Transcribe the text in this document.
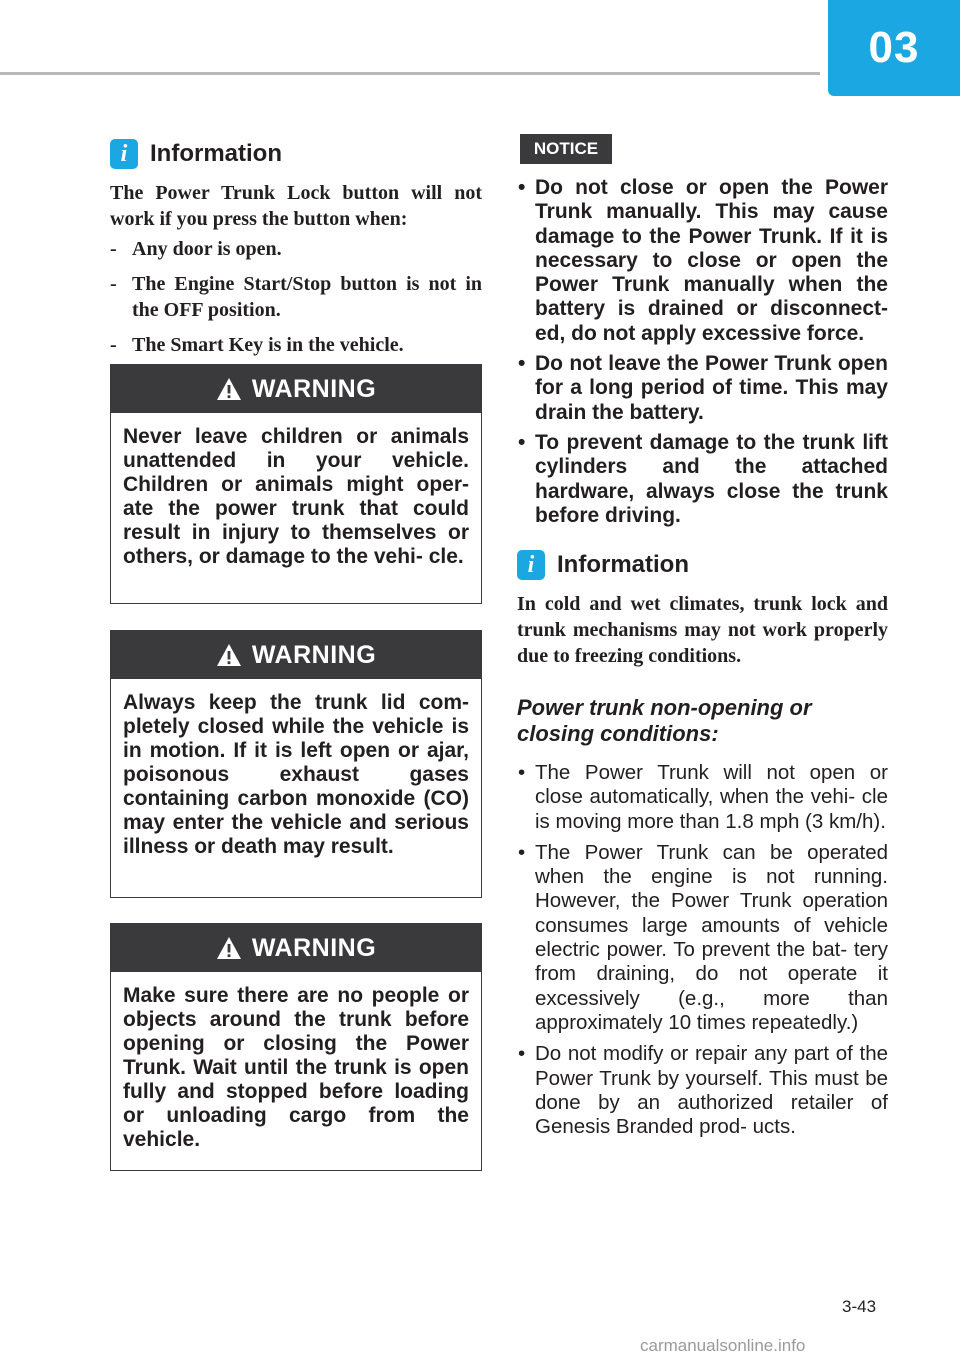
03
i Information

The Power Trunk Lock button will not work if you press the button when:

- Any door is open.
- The Engine Start/Stop button is not in the OFF position.
- The Smart Key is in the vehicle.
WARNING

Never leave children or animals unattended in your vehicle. Children or animals might oper- ate the power trunk that could result in injury to themselves or others, or damage to the vehi- cle.

WARNING

Always keep the trunk lid com- pletely closed while the vehicle is in motion. If it is left open or ajar, poisonous exhaust gases containing carbon monoxide (CO) may enter the vehicle and serious illness or death may result.

WARNING

Make sure there are no people or objects around the trunk before opening or closing the Power Trunk. Wait until the trunk is open fully and stopped before loading or unloading cargo from the vehicle.

NOTICE
• Do not close or open the Power Trunk manually. This may cause damage to the Power Trunk. If it is necessary to close or open the Power Trunk manually when the battery is drained or disconnect- ed, do not apply excessive force.
• Do not leave the Power Trunk open for a long period of time. This may drain the battery.
• To prevent damage to the trunk lift cylinders and the attached hardware, always close the trunk before driving.
i Information

In cold and wet climates, trunk lock and trunk mechanisms may not work properly due to freezing conditions.

Power trunk non-opening or closing conditions:

• The Power Trunk will not open or close automatically, when the vehi- cle is moving more than 1.8 mph (3 km/h).
• The Power Trunk can be operated when the engine is not running. However, the Power Trunk operation consumes large amounts of vehicle electric power. To prevent the bat- tery from draining, do not operate it excessively (e.g., more than approximately 10 times repeatedly.)
• Do not modify or repair any part of the Power Trunk by yourself. This must be done by an authorized retailer of Genesis Branded prod- ucts.
3-43
carmanualsonline.info
